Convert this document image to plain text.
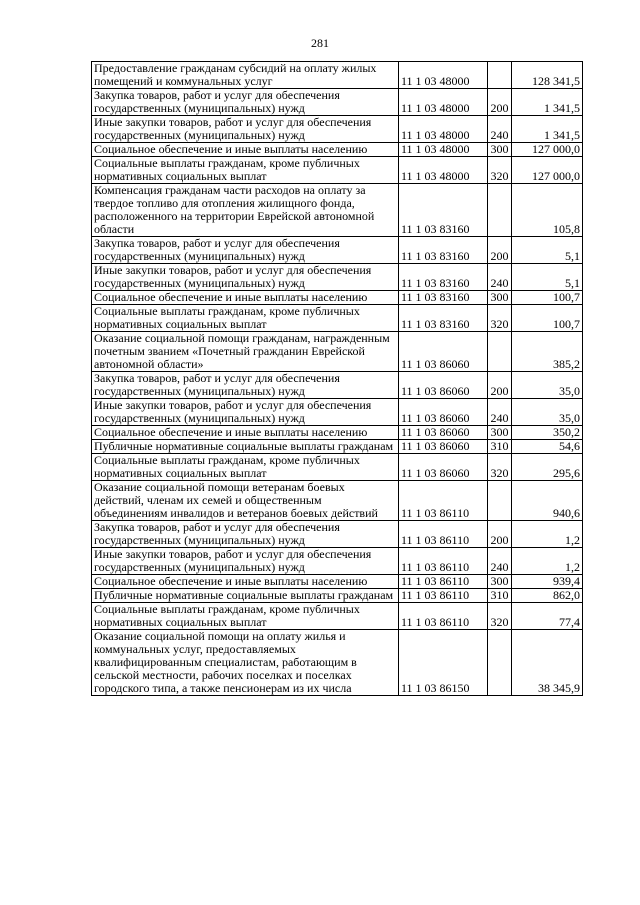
281
Предоставление гражданам субсидий на оплату жилых помещений и коммунальных услуг	11 1 03 48000		128 341,5
Закупка товаров, работ и услуг для обеспечения государственных (муниципальных) нужд	11 1 03 48000	200	1 341,5
Иные закупки товаров, работ и услуг для обеспечения государственных (муниципальных) нужд	11 1 03 48000	240	1 341,5
Социальное обеспечение и иные выплаты населению	11 1 03 48000	300	127 000,0
Социальные выплаты гражданам, кроме публичных нормативных социальных выплат	11 1 03 48000	320	127 000,0
Компенсация гражданам части расходов на оплату за твердое топливо для отопления жилищного фонда, расположенного на территории Еврейской автономной области	11 1 03 83160		105,8
Закупка товаров, работ и услуг для обеспечения государственных (муниципальных) нужд	11 1 03 83160	200	5,1
Иные закупки товаров, работ и услуг для обеспечения государственных (муниципальных) нужд	11 1 03 83160	240	5,1
Социальное обеспечение и иные выплаты населению	11 1 03 83160	300	100,7
Социальные выплаты гражданам, кроме публичных нормативных социальных выплат	11 1 03 83160	320	100,7
Оказание социальной помощи гражданам, награжденным почетным званием «Почетный гражданин Еврейской автономной области»	11 1 03 86060		385,2
Закупка товаров, работ и услуг для обеспечения государственных (муниципальных) нужд	11 1 03 86060	200	35,0
Иные закупки товаров, работ и услуг для обеспечения государственных (муниципальных) нужд	11 1 03 86060	240	35,0
Социальное обеспечение и иные выплаты населению	11 1 03 86060	300	350,2
Публичные нормативные социальные выплаты гражданам	11 1 03 86060	310	54,6
Социальные выплаты гражданам, кроме публичных нормативных социальных выплат	11 1 03 86060	320	295,6
Оказание социальной помощи ветеранам боевых действий, членам их семей и общественным объединениям инвалидов и ветеранов боевых действий	11 1 03 86110		940,6
Закупка товаров, работ и услуг для обеспечения государственных (муниципальных) нужд	11 1 03 86110	200	1,2
Иные закупки товаров, работ и услуг для обеспечения государственных (муниципальных) нужд	11 1 03 86110	240	1,2
Социальное обеспечение и иные выплаты населению	11 1 03 86110	300	939,4
Публичные нормативные социальные выплаты гражданам	11 1 03 86110	310	862,0
Социальные выплаты гражданам, кроме публичных нормативных социальных выплат	11 1 03 86110	320	77,4
Оказание социальной помощи на оплату жилья и коммунальных услуг, предоставляемых квалифицированным специалистам, работающим в сельской местности, рабочих поселках и поселках городского типа, а также пенсионерам из их числа	11 1 03 86150		38 345,9
